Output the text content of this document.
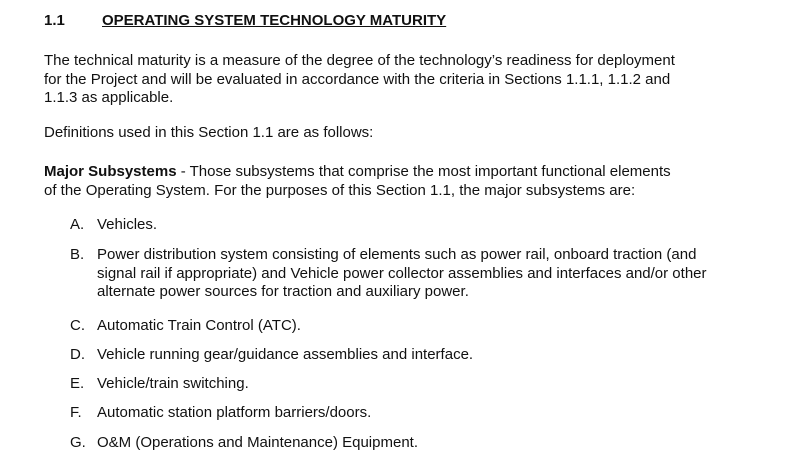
1.1 OPERATING SYSTEM TECHNOLOGY MATURITY

The technical maturity is a measure of the degree of the technology’s readiness for deployment
for the Project and will be evaluated in accordance with the criteria in Sections 1.1.1, 1.1.2 and
1.1.3 as applicable.

Definitions used in this Section 1.1 are as follows:

Major Subsystems - Those subsystems that comprise the most important functional elements
of the Operating System. For the purposes of this Section 1.1, the major subsystems are:

A. Vehicles.
B. Power distribution system consisting of elements such as power rail, onboard traction (and
signal rail if appropriate) and Vehicle power collector assemblies and interfaces and/or other
alternate power sources for traction and auxiliary power.
C. Automatic Train Control (ATC).
D. Vehicle running gear/guidance assemblies and interface.
E. Vehicle/train switching.
F.	Automatic station platform barriers/doors.
G. O&M (Operations and Maintenance) Equipment.
